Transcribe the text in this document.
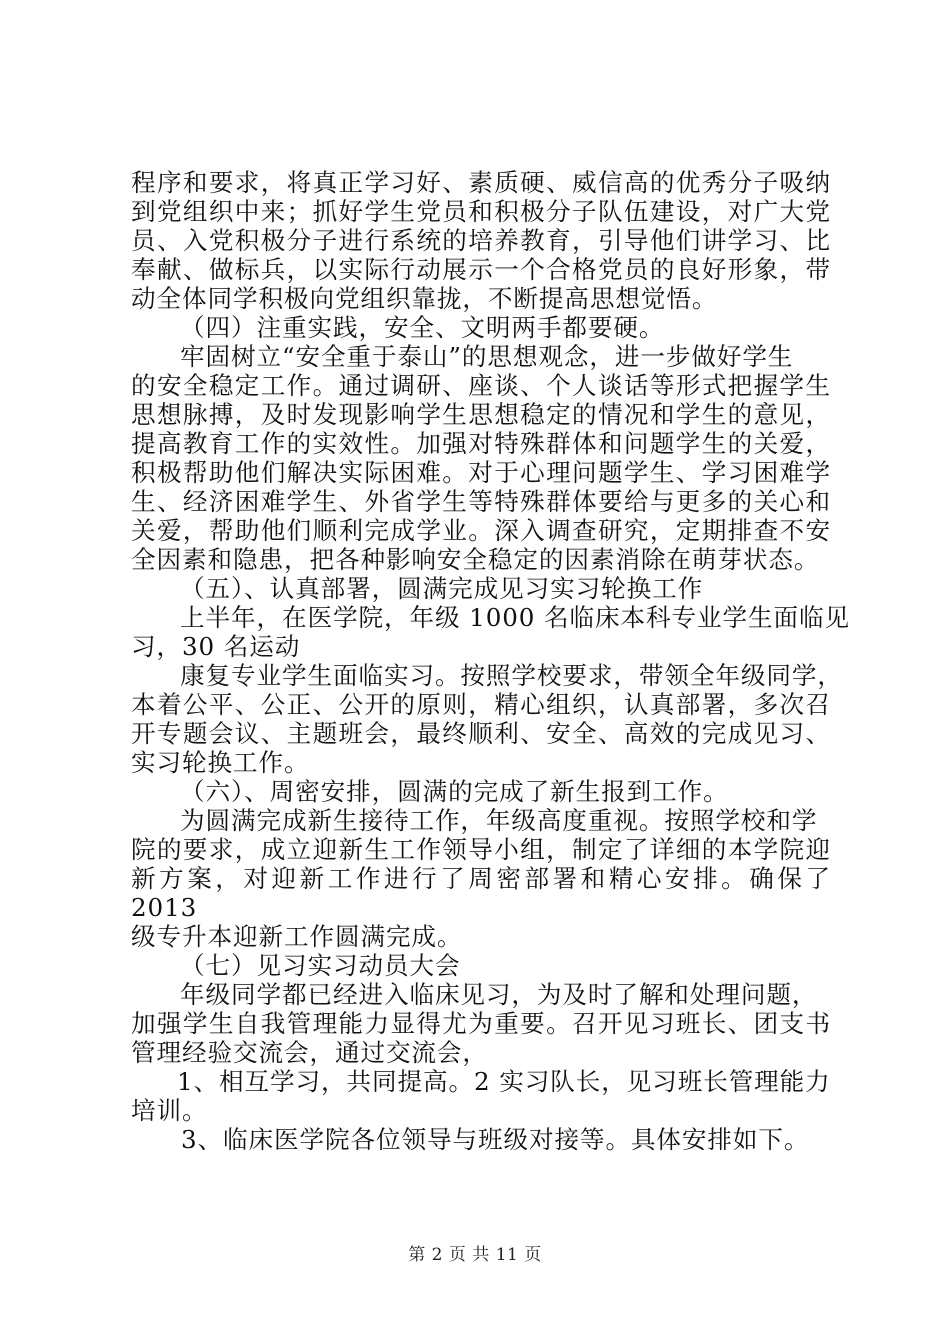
程序和要求，将真正学习好、素质硬、威信高的优秀分子吸纳
到党组织中来；抓好学生党员和积极分子队伍建设，对广大党
员、入党积极分子进行系统的培养教育，引导他们讲学习、比
奉献、做标兵，以实际行动展示一个合格党员的良好形象，带
动全体同学积极向党组织靠拢，不断提高思想觉悟。
（四）注重实践，安全、文明两手都要硬。
牢固树立“安全重于泰山”的思想观念，进一步做好学生
的安全稳定工作。通过调研、座谈、个人谈话等形式把握学生
思想脉搏，及时发现影响学生思想稳定的情况和学生的意见，
提高教育工作的实效性。加强对特殊群体和问题学生的关爱，
积极帮助他们解决实际困难。对于心理问题学生、学习困难学
生、经济困难学生、外省学生等特殊群体要给与更多的关心和
关爱，帮助他们顺利完成学业。深入调查研究，定期排查不安
全因素和隐患，把各种影响安全稳定的因素消除在萌芽状态。
（五）、认真部署，圆满完成见习实习轮换工作
上半年，在医学院，年级 1000 名临床本科专业学生面临见
习，30 名运动
康复专业学生面临实习。按照学校要求，带领全年级同学，
本着公平、公正、公开的原则，精心组织，认真部署，多次召
开专题会议、主题班会，最终顺利、安全、高效的完成见习、
实习轮换工作。
（六）、周密安排，圆满的完成了新生报到工作。
为圆满完成新生接待工作，年级高度重视。按照学校和学
院的要求，成立迎新生工作领导小组，制定了详细的本学院迎
新方案，对迎新工作进行了周密部署和精心安排。确保了 2013
级专升本迎新工作圆满完成。
（七）见习实习动员大会
年级同学都已经进入临床见习，为及时了解和处理问题，
加强学生自我管理能力显得尤为重要。召开见习班长、团支书
管理经验交流会，通过交流会，
1、相互学习，共同提高。2 实习队长，见习班长管理能力
培训。
3、临床医学院各位领导与班级对接等。具体安排如下。
第 2 页 共 11 页
